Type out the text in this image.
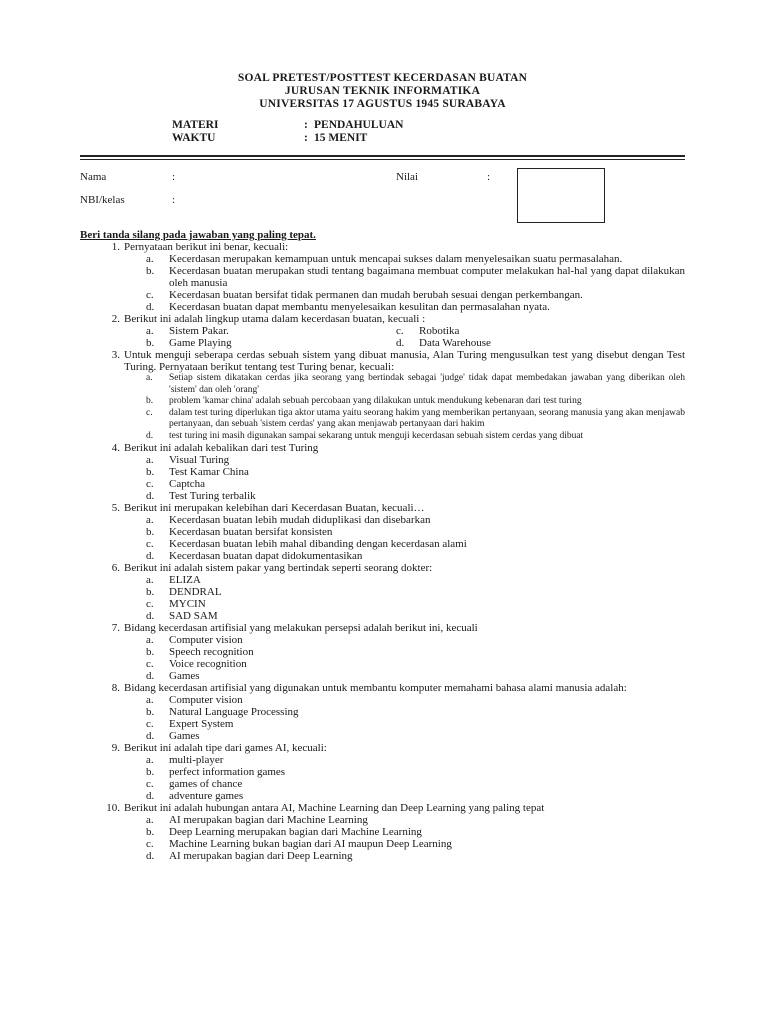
SOAL PRETEST/POSTTEST KECERDASAN BUATAN
JURUSAN TEKNIK INFORMATIKA
UNIVERSITAS 17 AGUSTUS 1945 SURABAYA
MATERI	: PENDAHULUAN
WAKTU	: 15 MENIT
Nama	:	Nilai	:
NBI/kelas	:
Beri tanda silang pada jawaban yang paling tepat.
1. Pernyataan berikut ini benar, kecuali:
a.	Kecerdasan merupakan kemampuan untuk mencapai sukses dalam menyelesaikan suatu permasalahan.
b.	Kecerdasan buatan merupakan studi tentang bagaimana membuat computer melakukan hal-hal yang dapat dilakukan oleh manusia
c.	Kecerdasan buatan bersifat tidak permanen dan mudah berubah sesuai dengan perkembangan.
d.	Kecerdasan buatan dapat membantu menyelesaikan kesulitan dan permasalahan nyata.
2. Berikut ini adalah lingkup utama dalam kecerdasan buatan, kecuali :
a.	Sistem Pakar.	c.	Robotika
b.	Game Playing	d.	Data Warehouse
3. Untuk menguji seberapa cerdas sebuah sistem yang dibuat manusia, Alan Turing mengusulkan test yang disebut dengan Test Turing. Pernyataan berikut tentang test Turing benar, kecuali:
a.	Setiap sistem dikatakan cerdas jika seorang yang bertindak sebagai 'judge' tidak dapat membedakan jawaban yang diberikan oleh 'sistem' dan oleh 'orang'
b.	problem 'kamar china' adalah sebuah percobaan yang dilakukan untuk mendukung kebenaran dari test turing
c.	dalam test turing diperlukan tiga aktor utama yaitu seorang hakim yang memberikan pertanyaan, seorang manusia yang akan menjawab pertanyaan, dan sebuah 'sistem cerdas' yang akan menjawab pertanyaan dari hakim
d.	test turing ini masih digunakan sampai sekarang untuk menguji kecerdasan sebuah sistem cerdas yang dibuat
4. Berikut ini adalah kebalikan dari test Turing
a.	Visual Turing
b.	Test Kamar China
c.	Captcha
d.	Test Turing terbalik
5. Berikut ini merupakan kelebihan dari Kecerdasan Buatan, kecuali…
a.	Kecerdasan buatan lebih mudah diduplikasi dan disebarkan
b.	Kecerdasan buatan bersifat konsisten
c.	Kecerdasan buatan lebih mahal dibanding dengan kecerdasan alami
d.	Kecerdasan buatan dapat didokumentasikan
6. Berikut ini adalah sistem pakar yang bertindak seperti seorang dokter:
a.	ELIZA
b.	DENDRAL
c.	MYCIN
d.	SAD SAM
7. Bidang kecerdasan artifisial yang melakukan persepsi adalah berikut ini, kecuali
a.	Computer vision
b.	Speech recognition
c.	Voice recognition
d.	Games
8. Bidang kecerdasan artifisial yang digunakan untuk membantu komputer memahami bahasa alami manusia adalah:
a.	Computer vision
b.	Natural Language Processing
c.	Expert System
d.	Games
9. Berikut ini adalah tipe dari games AI, kecuali:
a.	multi-player
b.	perfect information games
c.	games of chance
d.	adventure games
10. Berikut ini adalah hubungan antara AI, Machine Learning dan Deep Learning yang paling tepat
a.	AI merupakan bagian dari Machine Learning
b.	Deep Learning merupakan bagian dari Machine Learning
c.	Machine Learning bukan bagian dari AI maupun Deep Learning
d.	AI merupakan bagian dari Deep Learning
